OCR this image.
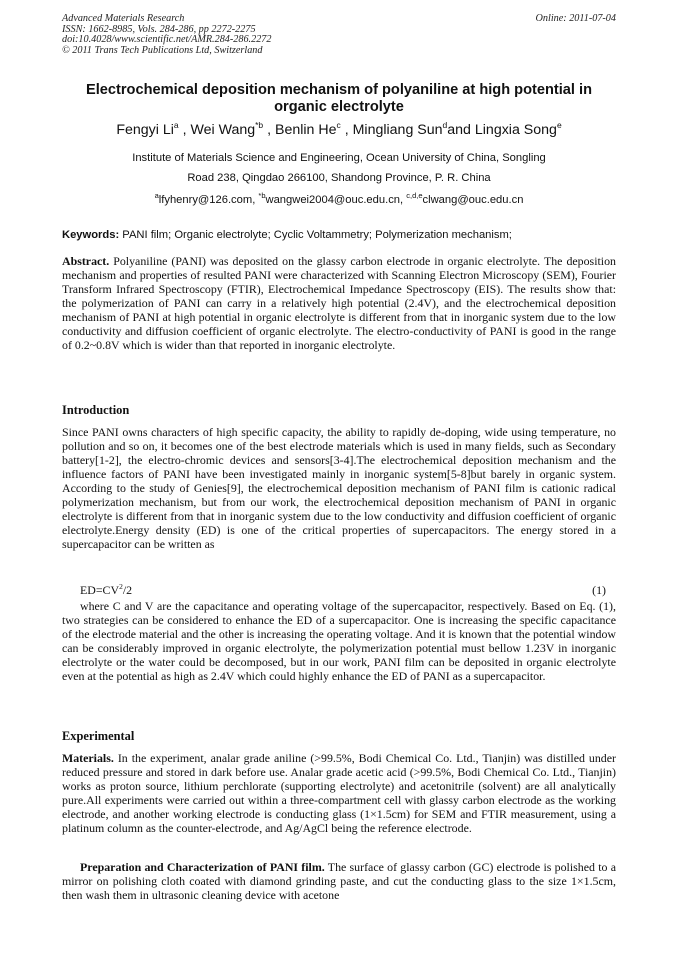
Advanced Materials Research
ISSN: 1662-8985, Vols. 284-286, pp 2272-2275
doi:10.4028/www.scientific.net/AMR.284-286.2272
© 2011 Trans Tech Publications Ltd, Switzerland
Online: 2011-07-04
Electrochemical deposition mechanism of polyaniline at high potential in organic electrolyte
Fengyi Li$^a$ , Wei Wang$^{*b}$ , Benlin He$^c$ , Mingliang Sun$^d$and Lingxia Song$^e$
Institute of Materials Science and Engineering, Ocean University of China, Songling
Road 238, Qingdao 266100, Shandong Province, P. R. China
$^a$lfyhenry@126.com, $^{*b}$wangwei2004@ouc.edu.cn, $^{c,d,e}$clwang@ouc.edu.cn
Keywords: PANI film; Organic electrolyte; Cyclic Voltammetry; Polymerization mechanism;
Abstract. Polyaniline (PANI) was deposited on the glassy carbon electrode in organic electrolyte. The deposition mechanism and properties of resulted PANI were characterized with Scanning Electron Microscopy (SEM), Fourier Transform Infrared Spectroscopy (FTIR), Electrochemical Impedance Spectroscopy (EIS). The results show that: the polymerization of PANI can carry in a relatively high potential (2.4V), and the electrochemical deposition mechanism of PANI at high potential in organic electrolyte is different from that in inorganic system due to the low conductivity and diffusion coefficient of organic electrolyte. The electro-conductivity of PANI is good in the range of 0.2~0.8V which is wider than that reported in inorganic electrolyte.
Introduction
Since PANI owns characters of high specific capacity, the ability to rapidly de-doping, wide using temperature, no pollution and so on, it becomes one of the best electrode materials which is used in many fields, such as Secondary battery[1-2], the electro-chromic devices and sensors[3-4].The electrochemical deposition mechanism and the influence factors of PANI have been investigated mainly in inorganic system[5-8]but barely in organic system. According to the study of Genies[9], the electrochemical deposition mechanism of PANI film is cationic radical polymerization mechanism, but from our work, the electrochemical deposition mechanism of PANI in organic electrolyte is different from that in inorganic system due to the low conductivity and diffusion coefficient of organic electrolyte.Energy density (ED) is one of the critical properties of supercapacitors. The energy stored in a supercapacitor can be written as
$ED=CV^2/2$	(1)
where C and V are the capacitance and operating voltage of the supercapacitor, respectively. Based on Eq. (1), two strategies can be considered to enhance the ED of a supercapacitor. One is increasing the specific capacitance of the electrode material and the other is increasing the operating voltage. And it is known that the potential window can be considerably improved in organic electrolyte, the polymerization potential must bellow 1.23V in inorganic electrolyte or the water could be decomposed, but in our work, PANI film can be deposited in organic electrolyte even at the potential as high as 2.4V which could highly enhance the ED of PANI as a supercapacitor.
Experimental
Materials. In the experiment, analar grade aniline (>99.5%, Bodi Chemical Co. Ltd., Tianjin) was distilled under reduced pressure and stored in dark before use. Analar grade acetic acid (>99.5%, Bodi Chemical Co. Ltd., Tianjin) works as proton source, lithium perchlorate (supporting electrolyte) and acetonitrile (solvent) are all analytically pure.All experiments were carried out within a three-compartment cell with glassy carbon electrode as the working electrode, and another working electrode is conducting glass (1×1.5cm) for SEM and FTIR measurement, using a platinum column as the counter-electrode, and Ag/AgCl being the reference electrode.
Preparation and Characterization of PANI film. The surface of glassy carbon (GC) electrode is polished to a mirror on polishing cloth coated with diamond grinding paste, and cut the conducting glass to the size 1×1.5cm, then wash them in ultrasonic cleaning device with acetone
